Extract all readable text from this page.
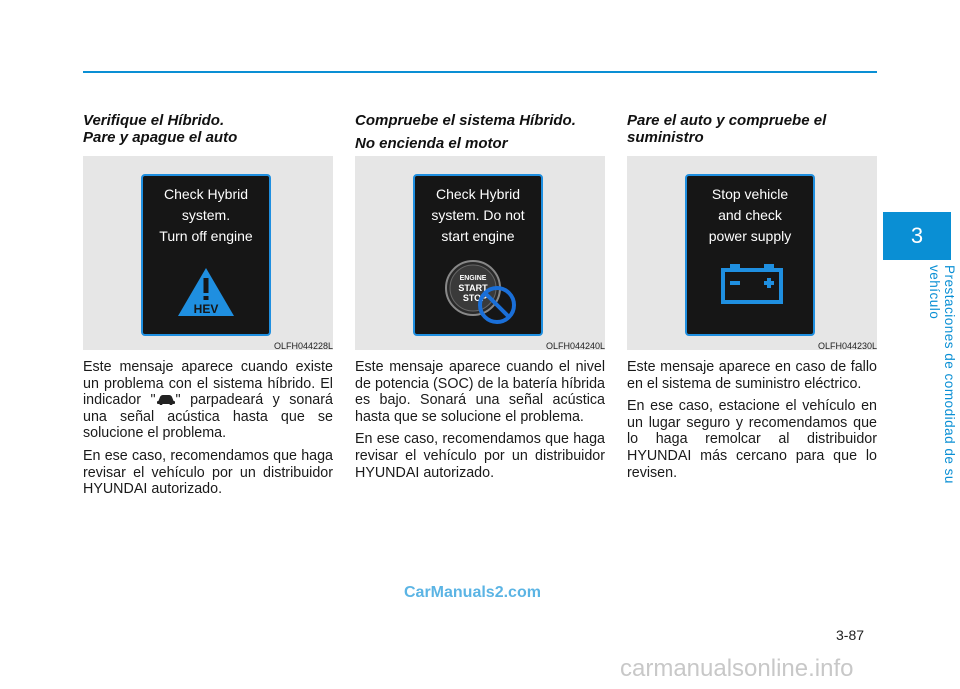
Verifique el Híbrido.
Pare y apague el auto
Check Hybrid
system.
Turn off engine
HEV
OLFH044228L

Este mensaje aparece cuando existe un problema con el sistema híbrido. El indicador " " parpadeará y sonará una señal acústica hasta que se solucione el problema.

En ese caso, recomendamos que haga revisar el vehículo por un distribuidor HYUNDAI autorizado.

Compruebe el sistema Híbrido.
No encienda el motor
Check Hybrid
system. Do not
start engine
ENGINE
START
STOP
OLFH044240L

Este mensaje aparece cuando el nivel de potencia (SOC) de la batería híbrida es bajo. Sonará una señal acústica hasta que se solucione el problema.

En ese caso, recomendamos que haga revisar el vehículo por un distribuidor HYUNDAI autorizado.

Pare el auto y compruebe el
suministro
Stop vehicle
and check
power supply
OLFH044230L

Este mensaje aparece en caso de fallo en el sistema de suministro eléctrico.

En ese caso, estacione el vehículo en un lugar seguro y recomendamos que lo haga remolcar al distribuidor HYUNDAI más cercano para que lo revisen.

3
Prestaciones de comodidad de su vehículo
3-87
CarManuals2.com
carmanualsonline.info
